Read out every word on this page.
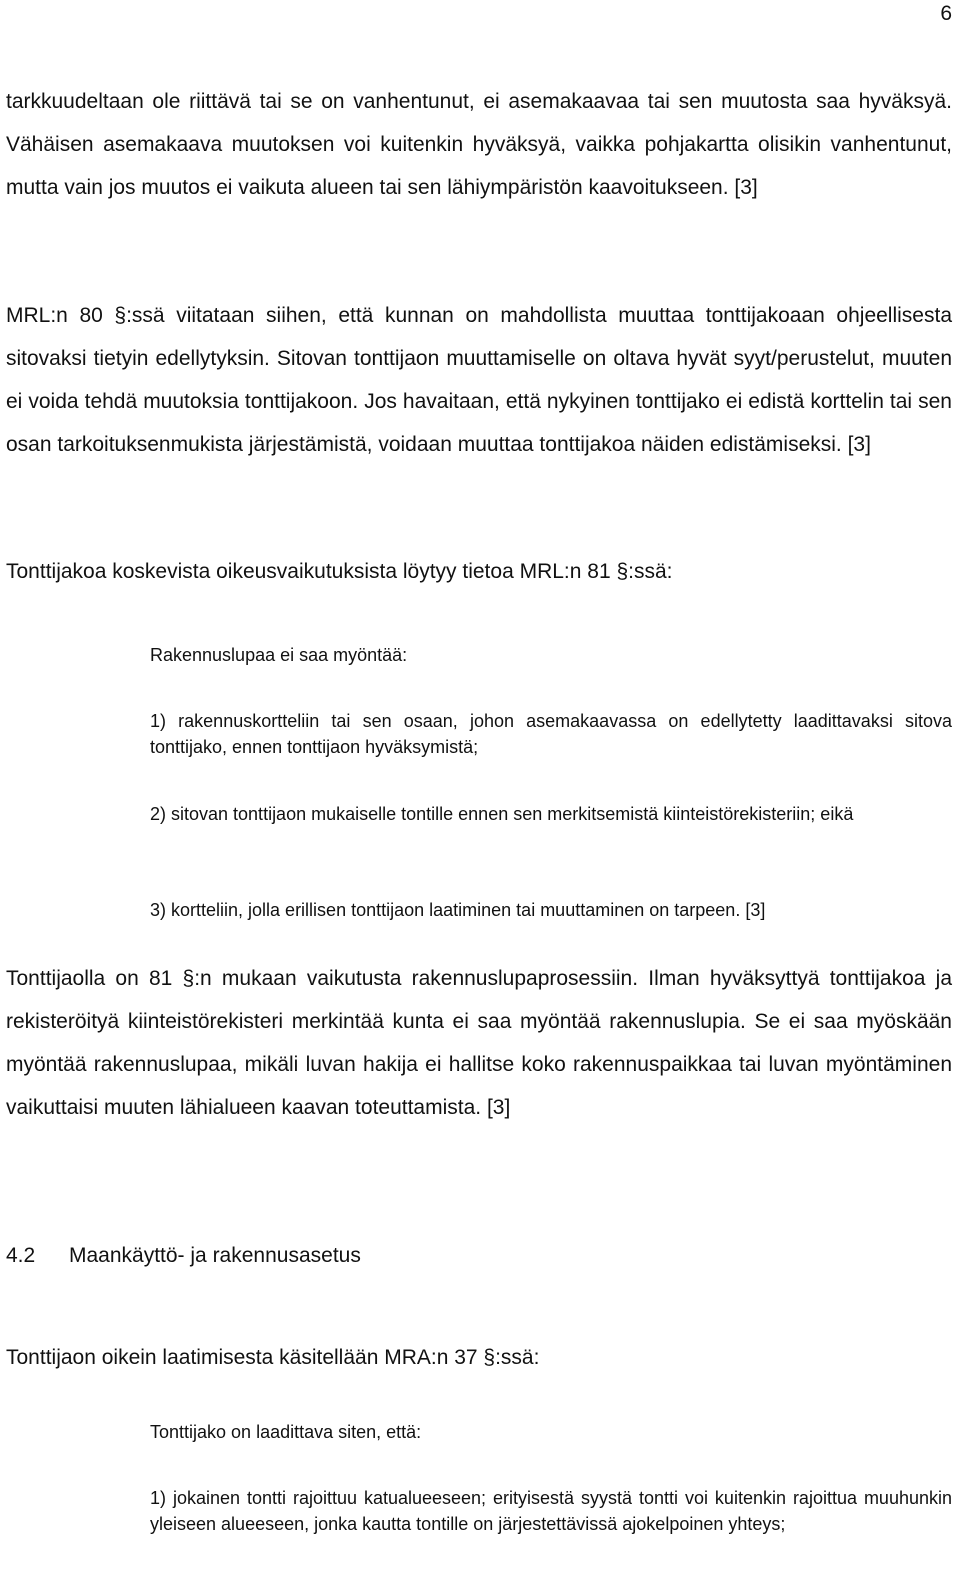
6

tarkkuudeltaan ole riittävä tai se on vanhentunut, ei asemakaavaa tai sen muutosta saa hyväksyä. Vähäisen asemakaava muutoksen voi kuitenkin hyväksyä, vaikka pohjakartta olisikin vanhentunut, mutta vain jos muutos ei vaikuta alueen tai sen lähiympäristön kaavoitukseen. [3]

MRL:n 80 §:ssä viitataan siihen, että kunnan on mahdollista muuttaa tonttijakoaan ohjeellisesta sitovaksi tietyin edellytyksin. Sitovan tonttijaon muuttamiselle on oltava hyvät syyt/perustelut, muuten ei voida tehdä muutoksia tonttijakoon. Jos havaitaan, että nykyinen tonttijako ei edistä korttelin tai sen osan tarkoituksenmukista järjestämistä, voidaan muuttaa tonttijakoa näiden edistämiseksi. [3]

Tonttijakoa koskevista oikeusvaikutuksista löytyy tietoa MRL:n 81 §:ssä:

Rakennuslupaa ei saa myöntää:

1) rakennuskortteliin tai sen osaan, johon asemakaavassa on edellytetty laadittavaksi sitova tonttijako, ennen tonttijaon hyväksymistä;

2) sitovan tonttijaon mukaiselle tontille ennen sen merkitsemistä kiinteistörekisteriin; eikä

3) kortteliin, jolla erillisen tonttijaon laatiminen tai muuttaminen on tarpeen. [3]

Tonttijaolla on 81 §:n mukaan vaikutusta rakennuslupaprosessiin. Ilman hyväksyttyä tonttijakoa ja rekisteröityä kiinteistörekisteri merkintää kunta ei saa myöntää rakennuslupia. Se ei saa myöskään myöntää rakennuslupaa, mikäli luvan hakija ei hallitse koko rakennuspaikkaa tai luvan myöntäminen vaikuttaisi muuten lähialueen kaavan toteuttamista. [3]

4.2 Maankäyttö- ja rakennusasetus

Tonttijaon oikein laatimisesta käsitellään MRA:n 37 §:ssä:

Tonttijako on laadittava siten, että:

1) jokainen tontti rajoittuu katualueeseen; erityisestä syystä tontti voi kuitenkin rajoittua muuhunkin yleiseen alueeseen, jonka kautta tontille on järjestettävissä ajokelpoinen yhteys;
